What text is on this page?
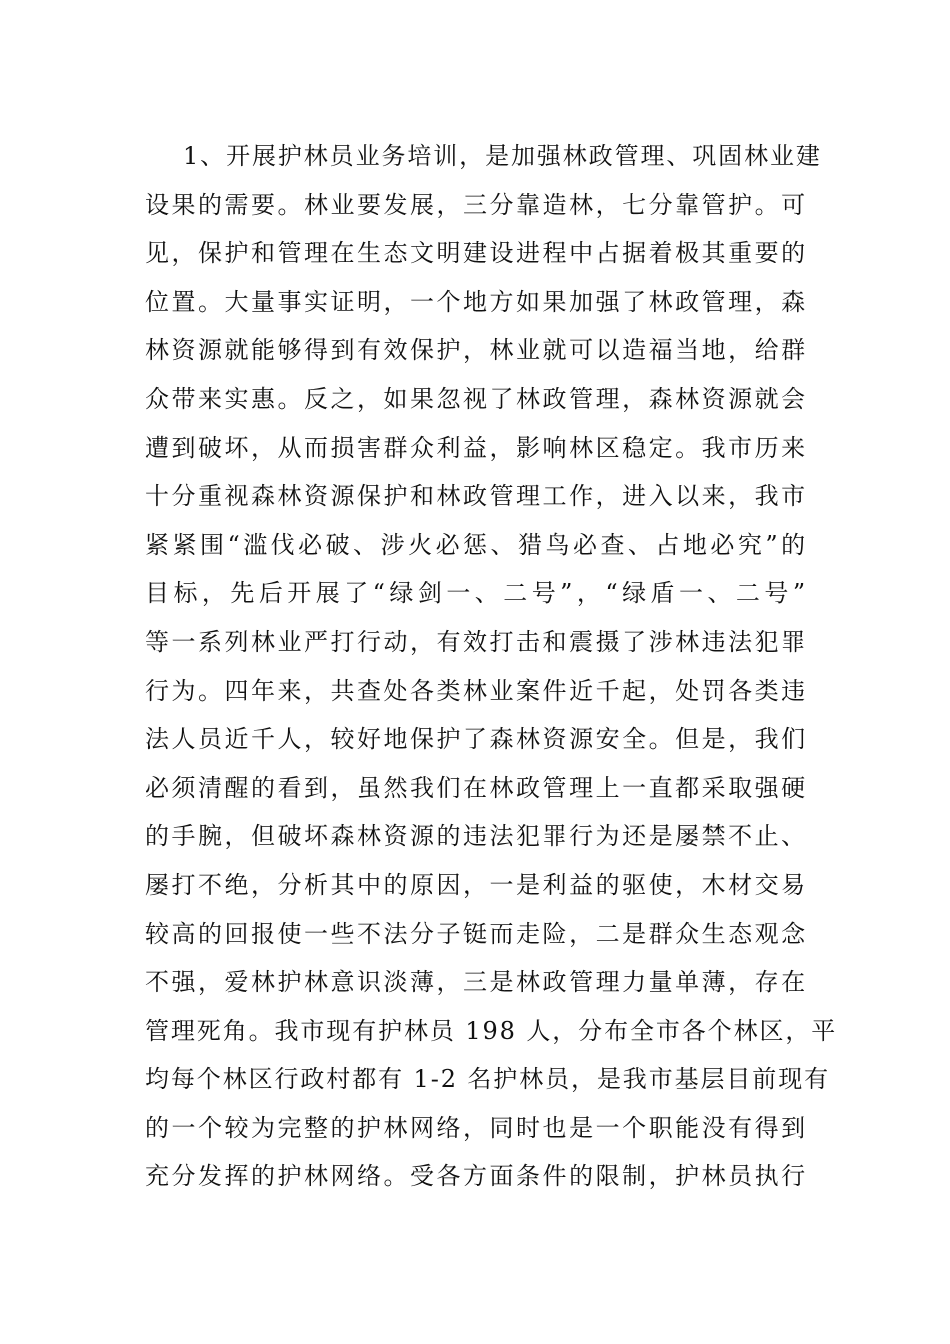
1、开展护林员业务培训，是加强林政管理、巩固林业建
设果的需要。林业要发展，三分靠造林，七分靠管护。可
见，保护和管理在生态文明建设进程中占据着极其重要的
位置。大量事实证明，一个地方如果加强了林政管理，森
林资源就能够得到有效保护，林业就可以造福当地，给群
众带来实惠。反之，如果忽视了林政管理，森林资源就会
遭到破坏，从而损害群众利益，影响林区稳定。我市历来
十分重视森林资源保护和林政管理工作，进入以来，我市
紧紧围“滥伐必破、涉火必惩、猎鸟必查、占地必究”的
目标，先后开展了“绿剑一、二号”，“绿盾一、二号”
等一系列林业严打行动，有效打击和震摄了涉林违法犯罪
行为。四年来，共查处各类林业案件近千起，处罚各类违
法人员近千人，较好地保护了森林资源安全。但是，我们
必须清醒的看到，虽然我们在林政管理上一直都采取强硬
的手腕，但破坏森林资源的违法犯罪行为还是屡禁不止、
屡打不绝，分析其中的原因，一是利益的驱使，木材交易
较高的回报使一些不法分子铤而走险，二是群众生态观念
不强，爱林护林意识淡薄，三是林政管理力量单薄，存在
管理死角。我市现有护林员 198 人，分布全市各个林区，平
均每个林区行政村都有 1-2 名护林员，是我市基层目前现有
的一个较为完整的护林网络，同时也是一个职能没有得到
充分发挥的护林网络。受各方面条件的限制，护林员执行
